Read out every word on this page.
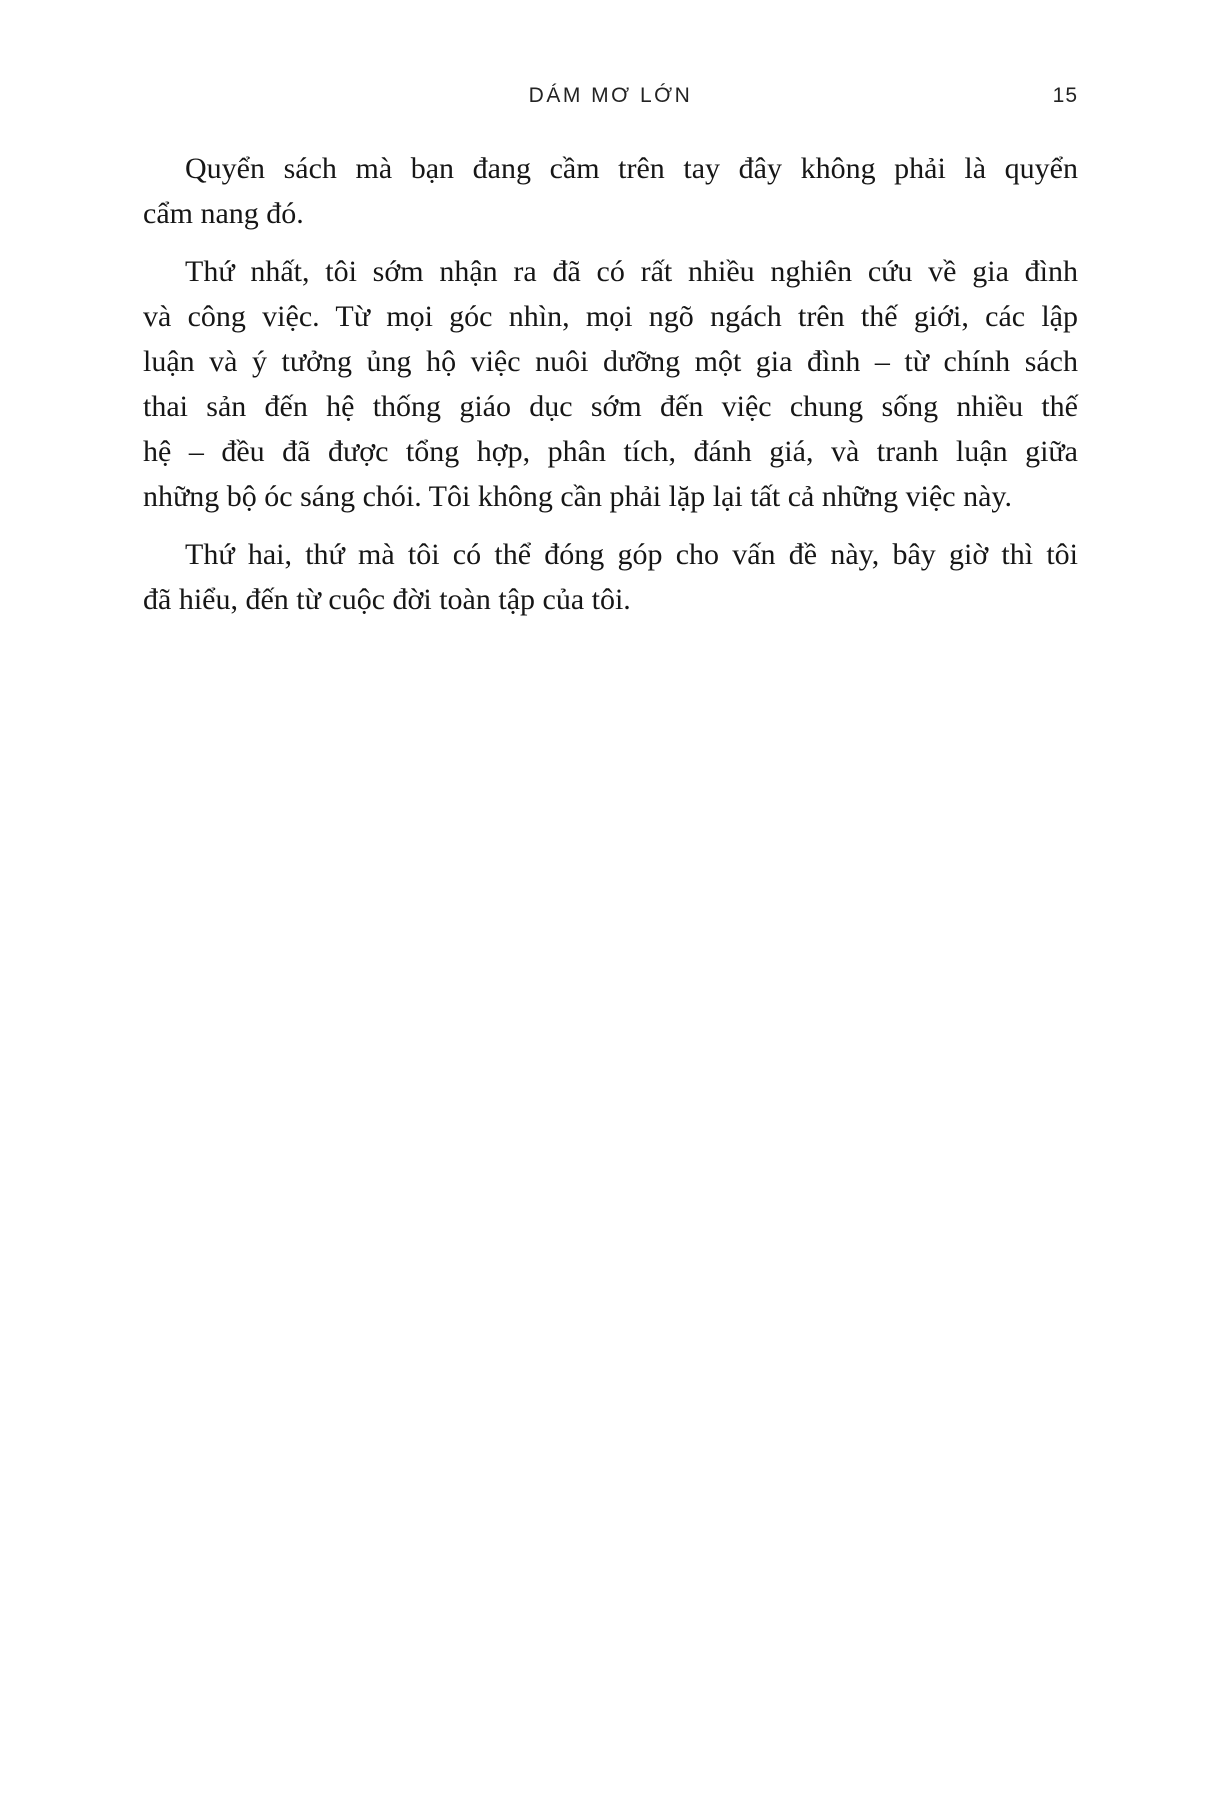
DÁM MƠ LỚN	15
Quyển sách mà bạn đang cầm trên tay đây không phải là quyển
cẩm nang đó.
Thứ nhất, tôi sớm nhận ra đã có rất nhiều nghiên cứu về gia đình
và công việc. Từ mọi góc nhìn, mọi ngõ ngách trên thế giới, các lập
luận và ý tưởng ủng hộ việc nuôi dưỡng một gia đình – từ chính sách
thai sản đến hệ thống giáo dục sớm đến việc chung sống nhiều thế
hệ – đều đã được tổng hợp, phân tích, đánh giá, và tranh luận giữa
những bộ óc sáng chói. Tôi không cần phải lặp lại tất cả những việc này.
Thứ hai, thứ mà tôi có thể đóng góp cho vấn đề này, bây giờ thì tôi
đã hiểu, đến từ cuộc đời toàn tập của tôi.
